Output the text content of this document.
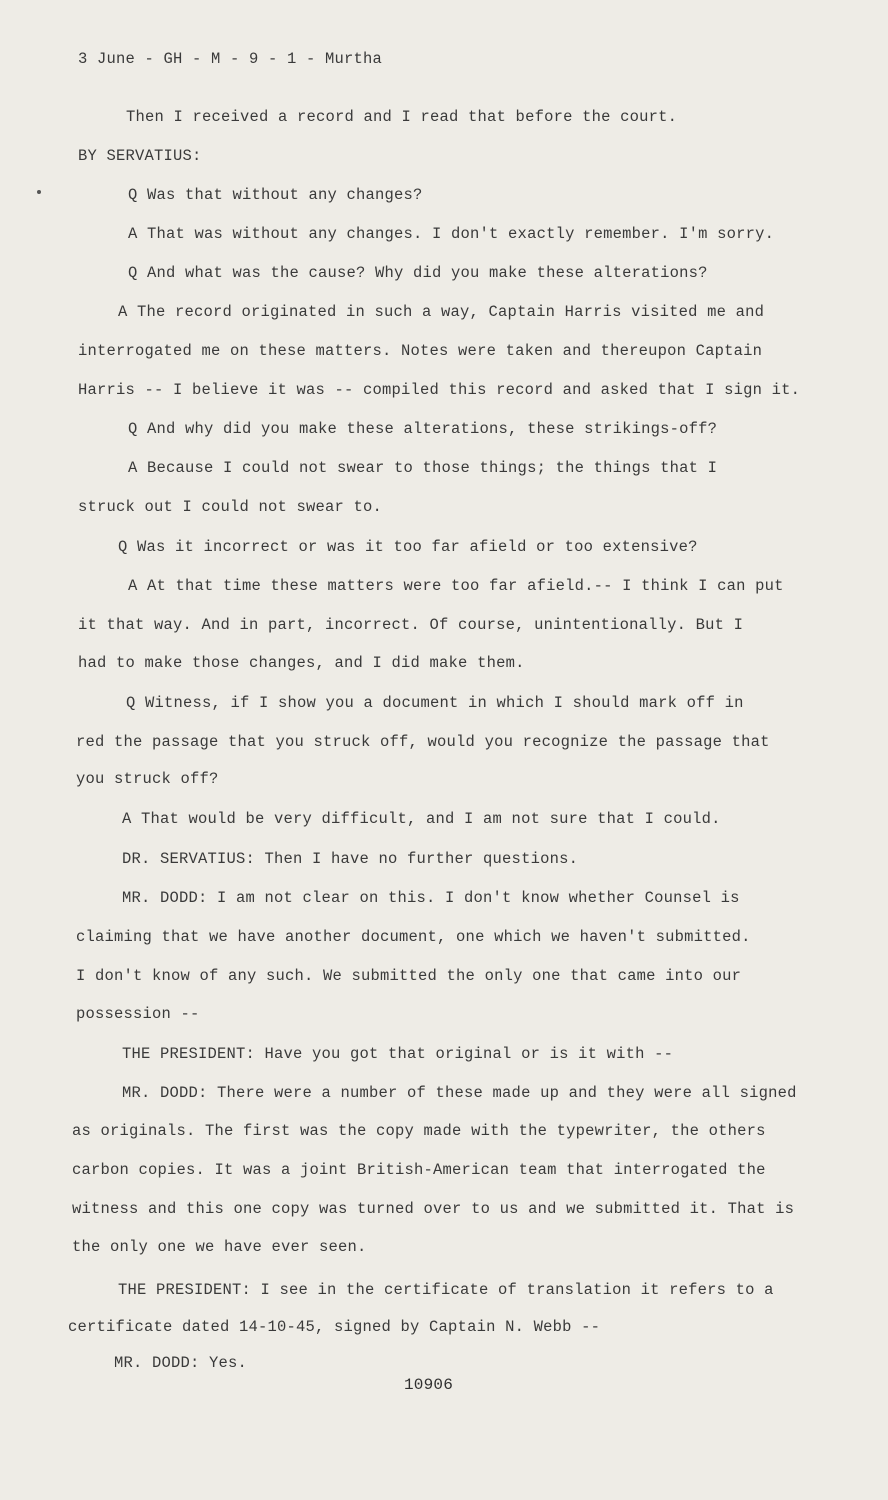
3 June - GH - M - 9 - 1 - Murtha
Then I received a record and I read that before the court.
BY SERVATIUS:
Q Was that without any changes?
A That was without any changes. I don't exactly remember. I'm sorry.
Q And what was the cause? Why did you make these alterations?
A The record originated in such a way, Captain Harris visited me and
interrogated me on these matters. Notes were taken and thereupon Captain
Harris -- I believe it was -- compiled this record and asked that I sign it.
Q And why did you make these alterations, these strikings-off?
A Because I could not swear to those things; the things that I
struck out I could not swear to.
Q Was it incorrect or was it too far afield or too extensive?
A At that time these matters were too far afield.-- I think I can put
it that way. And in part, incorrect. Of course, unintentionally. But I
had to make those changes, and I did make them.
Q Witness, if I show you a document in which I should mark off in
red the passage that you struck off, would you recognize the passage that
you struck off?
A That would be very difficult, and I am not sure that I could.
DR. SERVATIUS: Then I have no further questions.
MR. DODD: I am not clear on this. I don't know whether Counsel is
claiming that we have another document, one which we haven't submitted.
I don't know of any such. We submitted the only one that came into our
possession --
THE PRESIDENT: Have you got that original or is it with --
MR. DODD: There were a number of these made up and they were all signed
as originals. The first was the copy made with the typewriter, the others
carbon copies. It was a joint British-American team that interrogated the
witness and this one copy was turned over to us and we submitted it. That is
the only one we have ever seen.
THE PRESIDENT: I see in the certificate of translation it refers to a
certificate dated 14-10-45, signed by Captain N. Webb --
MR. DODD: Yes.
10906
